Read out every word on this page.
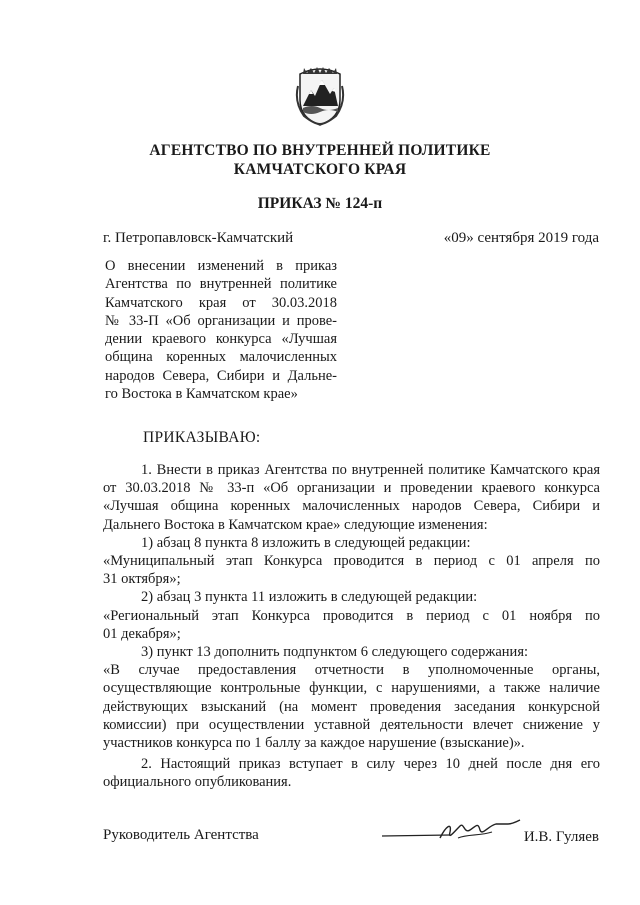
АГЕНТСТВО ПО ВНУТРЕННЕЙ ПОЛИТИКЕ
КАМЧАТСКОГО КРАЯ
ПРИКАЗ № 124-п
г. Петропавловск-Камчатский	«09» сентября 2019 года
О внесении изменений в приказ
Агентства по внутренней политике
Камчатского края от 30.03.2018
№ 33-П «Об организации и прове-
дении краевого конкурса «Лучшая
община коренных малочисленных
народов Севера, Сибири и Дальне-
го Востока в Камчатском крае»
ПРИКАЗЫВАЮ:
1. Внести в приказ Агентства по внутренней политике Камчатского края
от 30.03.2018 № 33-п «Об организации и проведении краевого конкурса
«Лучшая община коренных малочисленных народов Севера, Сибири и
Дальнего Востока в Камчатском крае» следующие изменения:
1) абзац 8 пункта 8 изложить в следующей редакции:
«Муниципальный этап Конкурса проводится в период с 01 апреля по
31 октября»;
2) абзац 3 пункта 11 изложить в следующей редакции:
«Региональный этап Конкурса проводится в период с 01 ноября по
01 декабря»;
3) пункт 13 дополнить подпунктом 6 следующего содержания:
«В случае предоставления отчетности в уполномоченные органы,
осуществляющие контрольные функции, с нарушениями, а также наличие
действующих взысканий (на момент проведения заседания конкурсной
комиссии) при осуществлении уставной деятельности влечет снижение у
участников конкурса по 1 баллу за каждое нарушение (взыскание)».
2. Настоящий приказ вступает в силу через 10 дней после дня его
официального опубликования.
Руководитель Агентства	И.В. Гуляев
